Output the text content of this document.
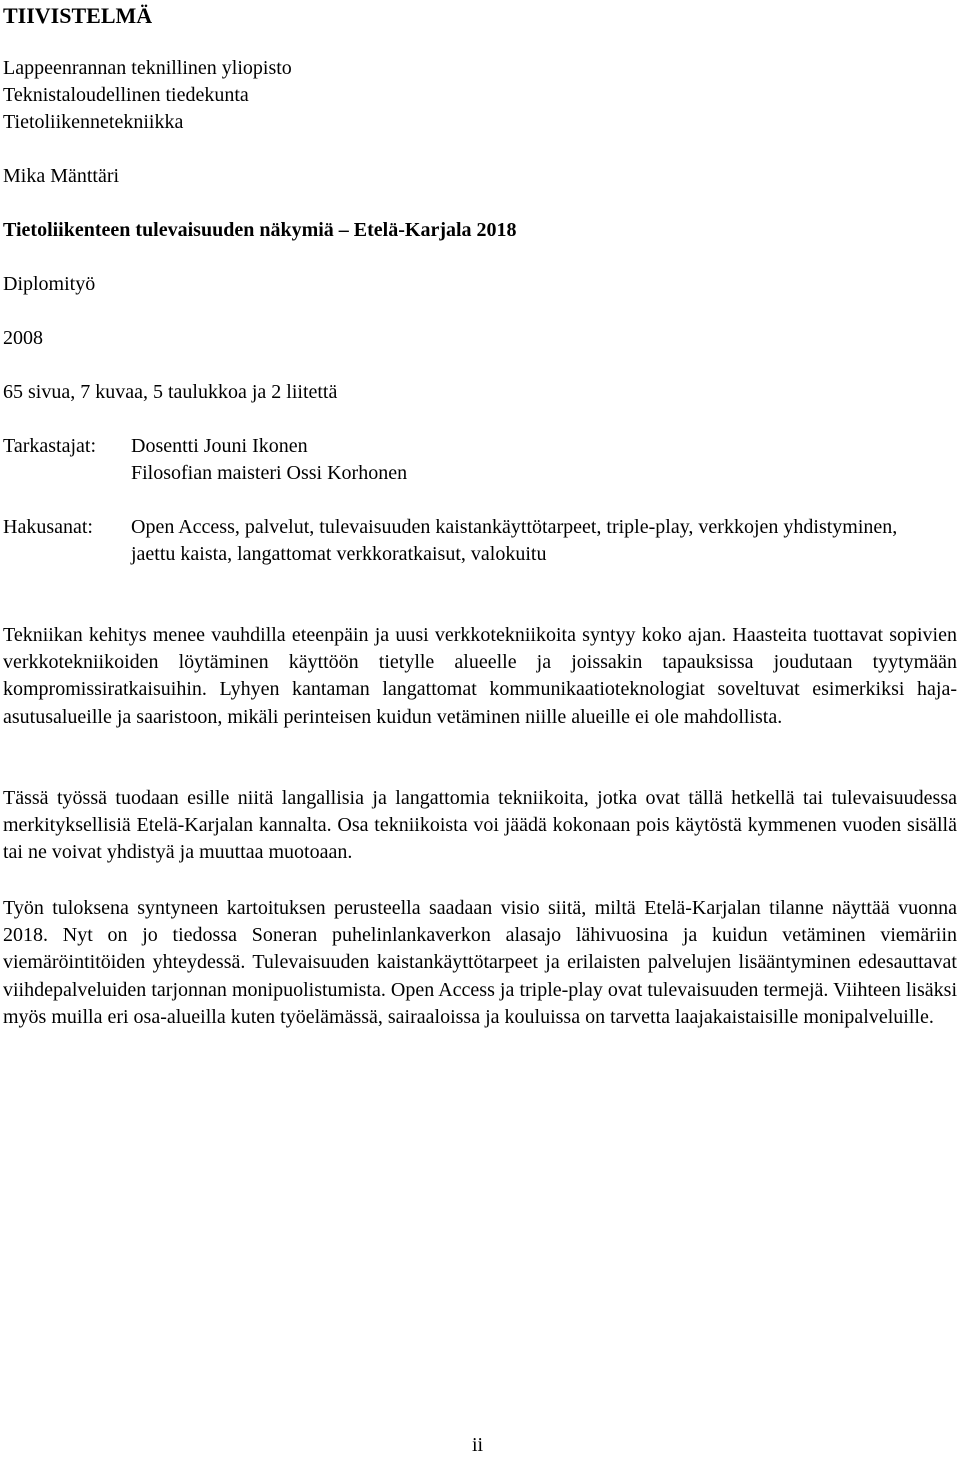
TIIVISTELMÄ
Lappeenrannan teknillinen yliopisto
Teknistaloudellinen tiedekunta
Tietoliikennetekniikka
Mika Mänttäri
Tietoliikenteen tulevaisuuden näkymiä – Etelä-Karjala 2018
Diplomityö
2008
65 sivua, 7 kuvaa, 5 taulukkoa ja 2 liitettä
Tarkastajat: Dosentti Jouni Ikonen
Filosofian maisteri Ossi Korhonen
Hakusanat: Open Access, palvelut, tulevaisuuden kaistankäyttötarpeet, triple-play, verkkojen yhdistyminen, jaettu kaista, langattomat verkkoratkaisut, valokuitu

Tekniikan kehitys menee vauhdilla eteenpäin ja uusi verkkotekniikoita syntyy koko ajan. Haasteita tuottavat sopivien verkkotekniikoiden löytäminen käyttöön tietylle alueelle ja joissakin tapauksissa joudutaan tyytymään kompromissiratkaisuihin. Lyhyen kantaman langattomat kommunikaatioteknologiat soveltuvat esimerkiksi haja-asutusalueille ja saaristoon, mikäli perinteisen kuidun vetäminen niille alueille ei ole mahdollista.

Tässä työssä tuodaan esille niitä langallisia ja langattomia tekniikoita, jotka ovat tällä hetkellä tai tulevaisuudessa merkityksellisiä Etelä-Karjalan kannalta. Osa tekniikoista voi jäädä kokonaan pois käytöstä kymmenen vuoden sisällä tai ne voivat yhdistyä ja muuttaa muotoaan.

Työn tuloksena syntyneen kartoituksen perusteella saadaan visio siitä, miltä Etelä-Karjalan tilanne näyttää vuonna 2018. Nyt on jo tiedossa Soneran puhelinlankaverkon alasajo lähivuosina ja kuidun vetäminen viemäriin viemäröintitöiden yhteydessä. Tulevaisuuden kaistankäyttötarpeet ja erilaisten palvelujen lisääntyminen edesauttavat viihdepalveluiden tarjonnan monipuolistumista. Open Access ja triple-play ovat tulevaisuuden termejä. Viihteen lisäksi myös muilla eri osa-alueilla kuten työelämässä, sairaaloissa ja kouluissa on tarvetta laajakaistaisille monipalveluille.

ii
